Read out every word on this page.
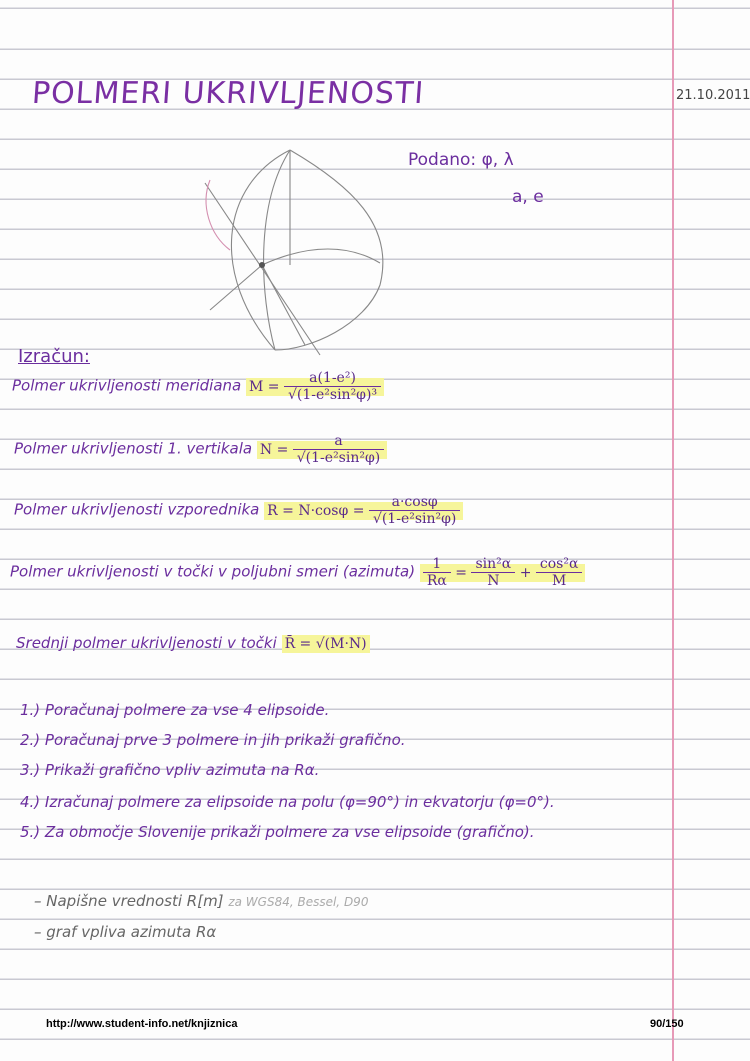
POLMERI UKRIVLJENOSTI	21.10.2011
Podano: φ, λ
a, e
Izračun:
Polmer ukrivljenosti meridiana $M = \frac{\text{a(1-e²)}}{\text{√(1-e²sin²φ)³}}$
Polmer ukrivljenosti 1. vertikala $N = \frac{a}{\text{√(1-e²sin²φ)}}$
Polmer ukrivljenosti vzporednika $R = N\cdot\cos\varphi = \frac{a\cdot\cos\varphi}{\text{√(1-e²sin²φ)}}$
Polmer ukrivljenosti v točki v poljubni smeri (azimuta) $\frac{1}{R\alpha} = \frac{\text{sin²α}}{N} + \frac{\text{cos²α}}{M}$
Srednji polmer ukrivljenosti v točki R̄ = √(M·N)
1.) Poračunaj polmere za vse 4 elipsoide.
2.) Poračunaj prve 3 polmere in jih prikaži grafično.
3.) Prikaži grafično vpliv azimuta na Rα.
4.) Izračunaj polmere za elipsoide na polu (φ=90°) in ekvatorju (φ=0°).
5.) Za območje Slovenije prikaži polmere za vse elipsoide (grafično).
– Napišne vrednosti R[m] za WGS84, Bessel, D90
– graf vpliva azimuta Rα
http://www.student-info.net/knjiznica	90/150
